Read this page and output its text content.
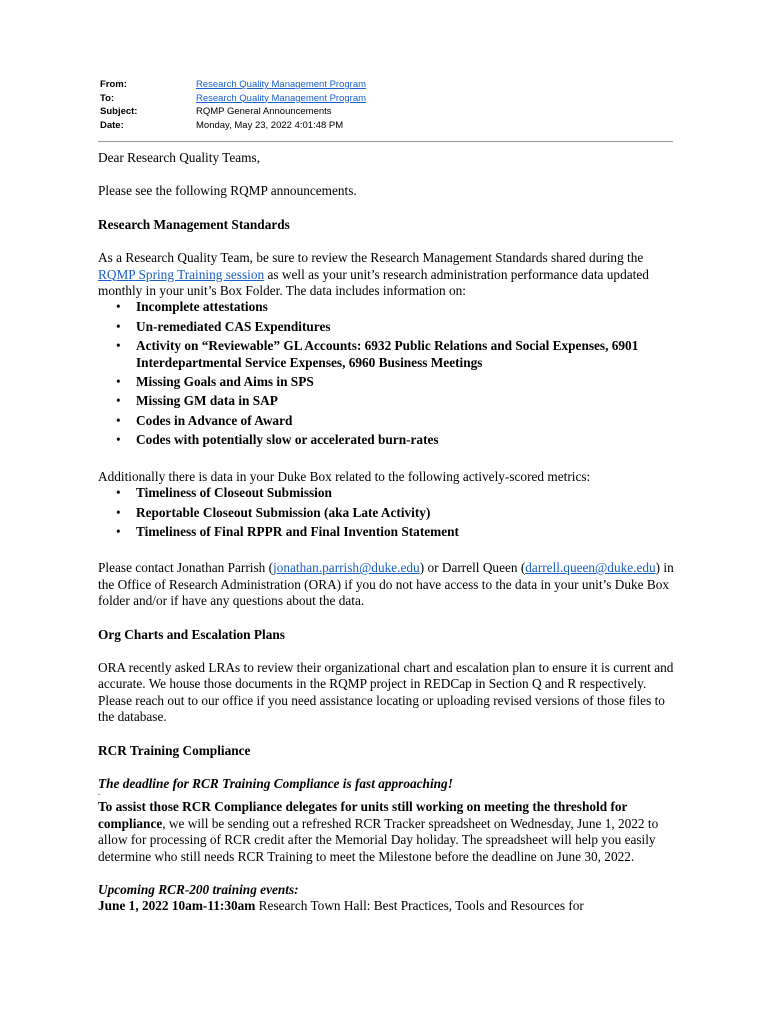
From:	Research Quality Management Program
To:	Research Quality Management Program
Subject:	RQMP General Announcements
Date:	Monday, May 23, 2022 4:01:48 PM

Dear Research Quality Teams,

Please see the following RQMP announcements.

Research Management Standards

As a Research Quality Team, be sure to review the Research Management Standards shared during the RQMP Spring Training session as well as your unit’s research administration performance data updated monthly in your unit’s Box Folder. The data includes information on:

• Incomplete attestations
• Un-remediated CAS Expenditures
• Activity on “Reviewable” GL Accounts: 6932 Public Relations and Social Expenses, 6901 Interdepartmental Service Expenses, 6960 Business Meetings
• Missing Goals and Aims in SPS
• Missing GM data in SAP
• Codes in Advance of Award
• Codes with potentially slow or accelerated burn-rates

Additionally there is data in your Duke Box related to the following actively-scored metrics:

• Timeliness of Closeout Submission
• Reportable Closeout Submission (aka Late Activity)
• Timeliness of Final RPPR and Final Invention Statement

Please contact Jonathan Parrish (jonathan.parrish@duke.edu) or Darrell Queen (darrell.queen@duke.edu) in the Office of Research Administration (ORA) if you do not have access to the data in your unit’s Duke Box folder and/or if have any questions about the data.

Org Charts and Escalation Plans

ORA recently asked LRAs to review their organizational chart and escalation plan to ensure it is current and accurate. We house those documents in the RQMP project in REDCap in Section Q and R respectively. Please reach out to our office if you need assistance locating or uploading revised versions of those files to the database.

RCR Training Compliance

The deadline for RCR Training Compliance is fast approaching!

-

To assist those RCR Compliance delegates for units still working on meeting the threshold for compliance, we will be sending out a refreshed RCR Tracker spreadsheet on Wednesday, June 1, 2022 to allow for processing of RCR credit after the Memorial Day holiday. The spreadsheet will help you easily determine who still needs RCR Training to meet the Milestone before the deadline on June 30, 2022.

Upcoming RCR-200 training events:

June 1, 2022 10am-11:30am Research Town Hall: Best Practices, Tools and Resources for
